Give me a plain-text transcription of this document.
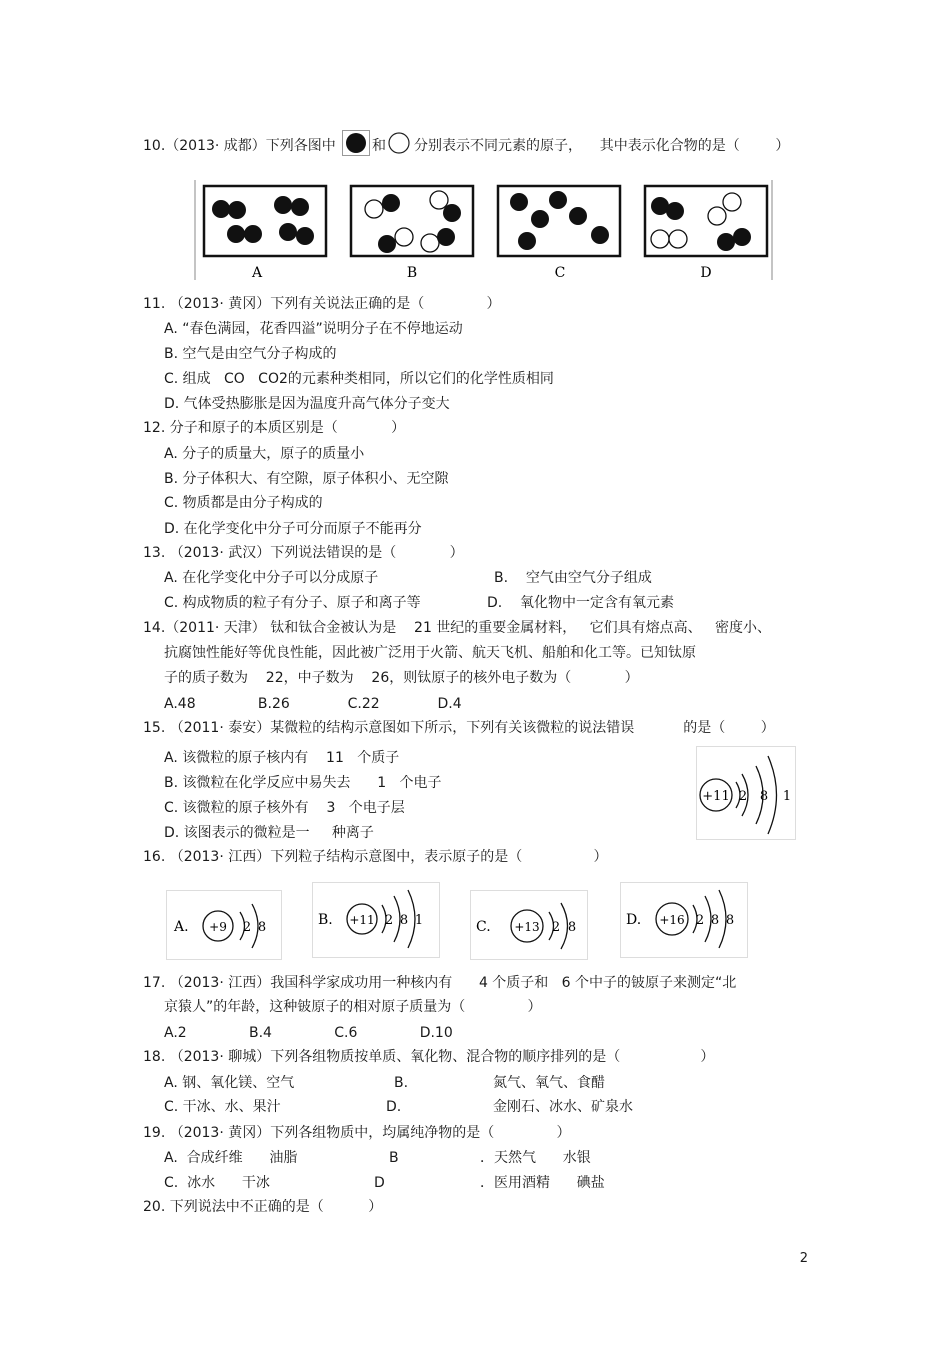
10.（2013· 成都）下列各图中	和 分别表示不同元素的原子，    其中表示化合物的是（        ）
A	B	C	D
11. （2013· 黄冈）下列有关说法正确的是（              ）
A. “春色满园，花香四溢”说明分子在不停地运动
B. 空气是由空气分子构成的
C. 组成   CO   CO2的元素种类相同，所以它们的化学性质相同
D. 气体受热膨胀是因为温度升高气体分子变大
12. 分子和原子的本质区别是（            ）
A. 分子的质量大，原子的质量小
B. 分子体积大、有空隙，原子体积小、无空隙
C. 物质都是由分子构成的
D. 在化学变化中分子可分而原子不能再分
13. （2013· 武汉）下列说法错误的是（            ）
A. 在化学变化中分子可以分成原子	B.    空气由空气分子组成
C. 构成物质的粒子有分子、原子和离子等	D.    氧化物中一定含有氧元素
14.（2011· 天津） 钛和钛合金被认为是    21 世纪的重要金属材料，   它们具有熔点高、   密度小、
抗腐蚀性能好等优良性能，因此被广泛用于火箭、航天飞机、船舶和化工等。已知钛原
子的质子数为    22，中子数为    26，则钛原子的核外电子数为（            ）
A.48              B.26             C.22             D.4
15. （2011· 泰安）某微粒的结构示意图如下所示，下列有关该微粒的说法错误           的是（        ）
A. 该微粒的原子核内有    11   个质子
B. 该微粒在化学反应中易失去      1   个电子
C. 该微粒的原子核外有    3   个电子层
D. 该图表示的微粒是一     种离子
+11 2 8 1
16. （2013· 江西）下列粒子结构示意图中，表示原子的是（                ）
A. +9 2 8	B. +11 2 8 1	C. +13 2 8	D. +16 2 8 8
17. （2013· 江西）我国科学家成功用一种核内有      4 个质子和   6 个中子的铍原子来测定“北
京猿人”的年龄，这种铍原子的相对原子质量为（              ）
A.2              B.4              C.6              D.10
18. （2013· 聊城）下列各组物质按单质、氧化物、混合物的顺序排列的是（                  ）
A. 钢、氧化镁、空气	B.	氮气、氧气、食醋
C. 干冰、水、果汁	D.	金刚石、冰水、矿泉水
19. （2013· 黄冈）下列各组物质中，均属纯净物的是（              ）
A.  合成纤维      油脂	B	．天然气      水银
C.  冰水      干冰	D	．医用酒精      碘盐
20. 下列说法中不正确的是（          ）
2
